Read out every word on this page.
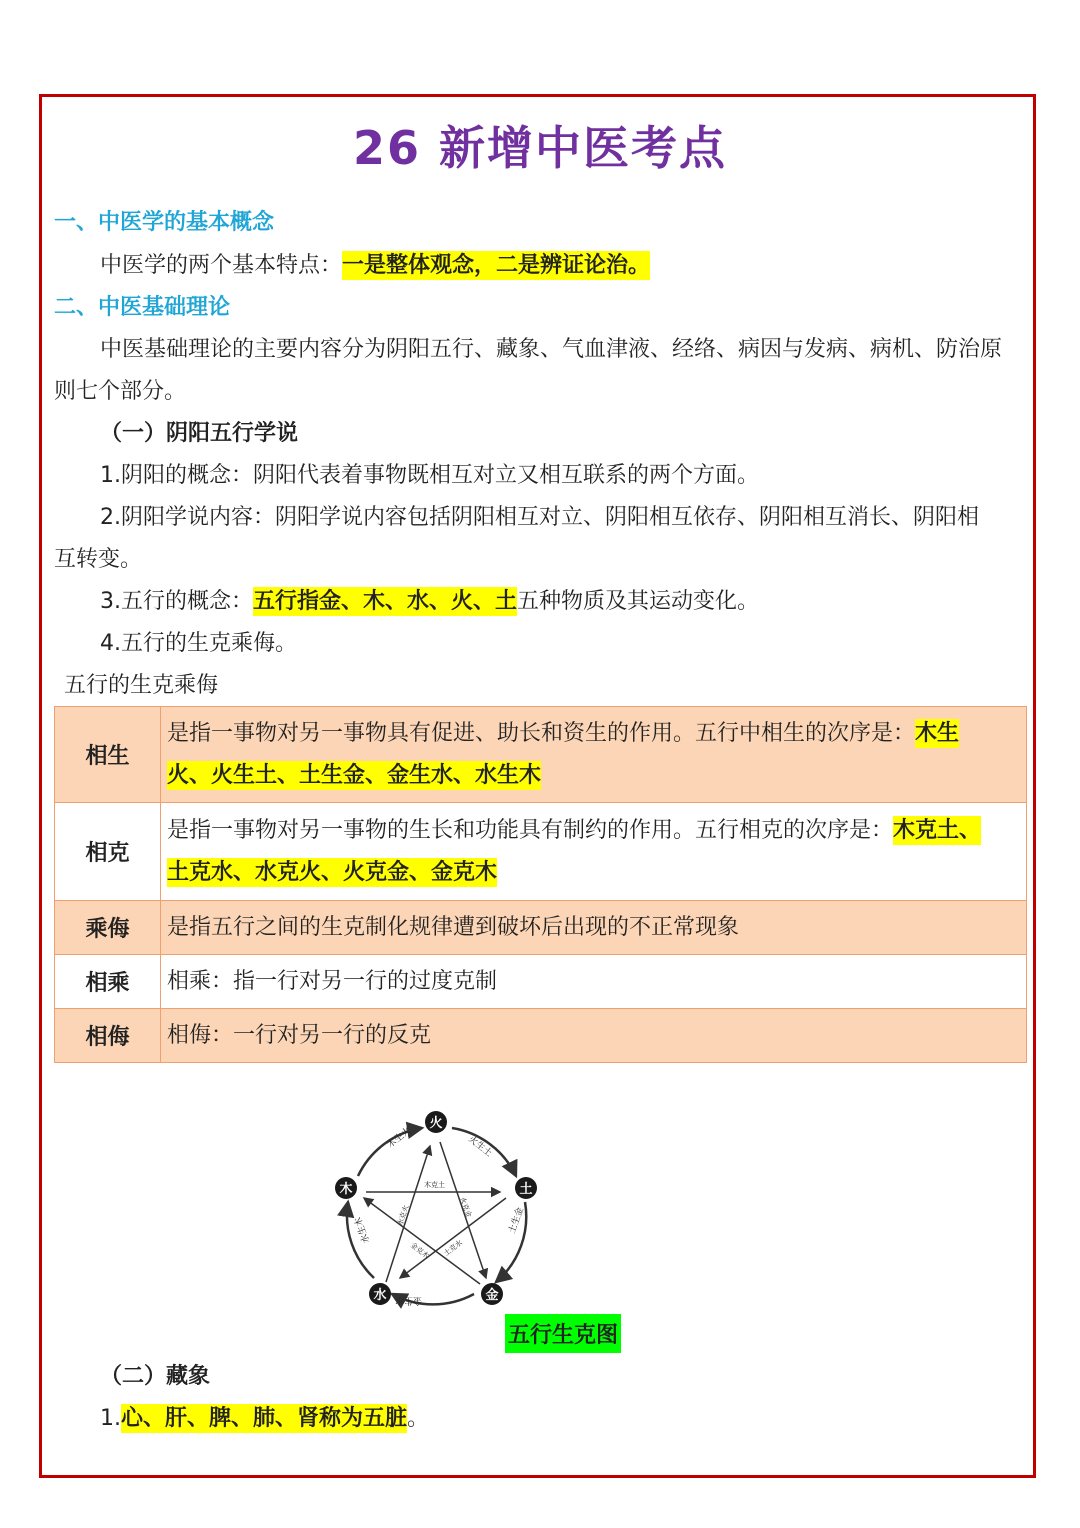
26 新增中医考点
一、中医学的基本概念
中医学的两个基本特点：一是整体观念，二是辨证论治。
二、中医基础理论
中医基础理论的主要内容分为阴阳五行、藏象、气血津液、经络、病因与发病、病机、防治原
则七个部分。
（一）阴阳五行学说
1.阴阳的概念：阴阳代表着事物既相互对立又相互联系的两个方面。
2.阴阳学说内容：阴阳学说内容包括阴阳相互对立、阴阳相互依存、阴阳相互消长、阴阳相
互转变。
3.五行的概念：五行指金、木、水、火、土五种物质及其运动变化。
4.五行的生克乘侮。
五行的生克乘侮
相生	是指一事物对另一事物具有促进、助长和资生的作用。五行中相生的次序是：木生
火、火生土、土生金、金生水、水生木
相克	是指一事物对另一事物的生长和功能具有制约的作用。五行相克的次序是：木克土、
土克水、水克火、火克金、金克木
乘侮	是指五行之间的生克制化规律遭到破坏后出现的不正常现象
相乘	相乘：指一行对另一行的过度克制
相侮	相侮：一行对另一行的反克
火
土
金
水
木
木生火	火生土
土生金
金生水
水生木
木克土
火克金
土克水
金克木
水克火
五行生克图
（二）藏象
1.心、肝、脾、肺、肾称为五脏。
